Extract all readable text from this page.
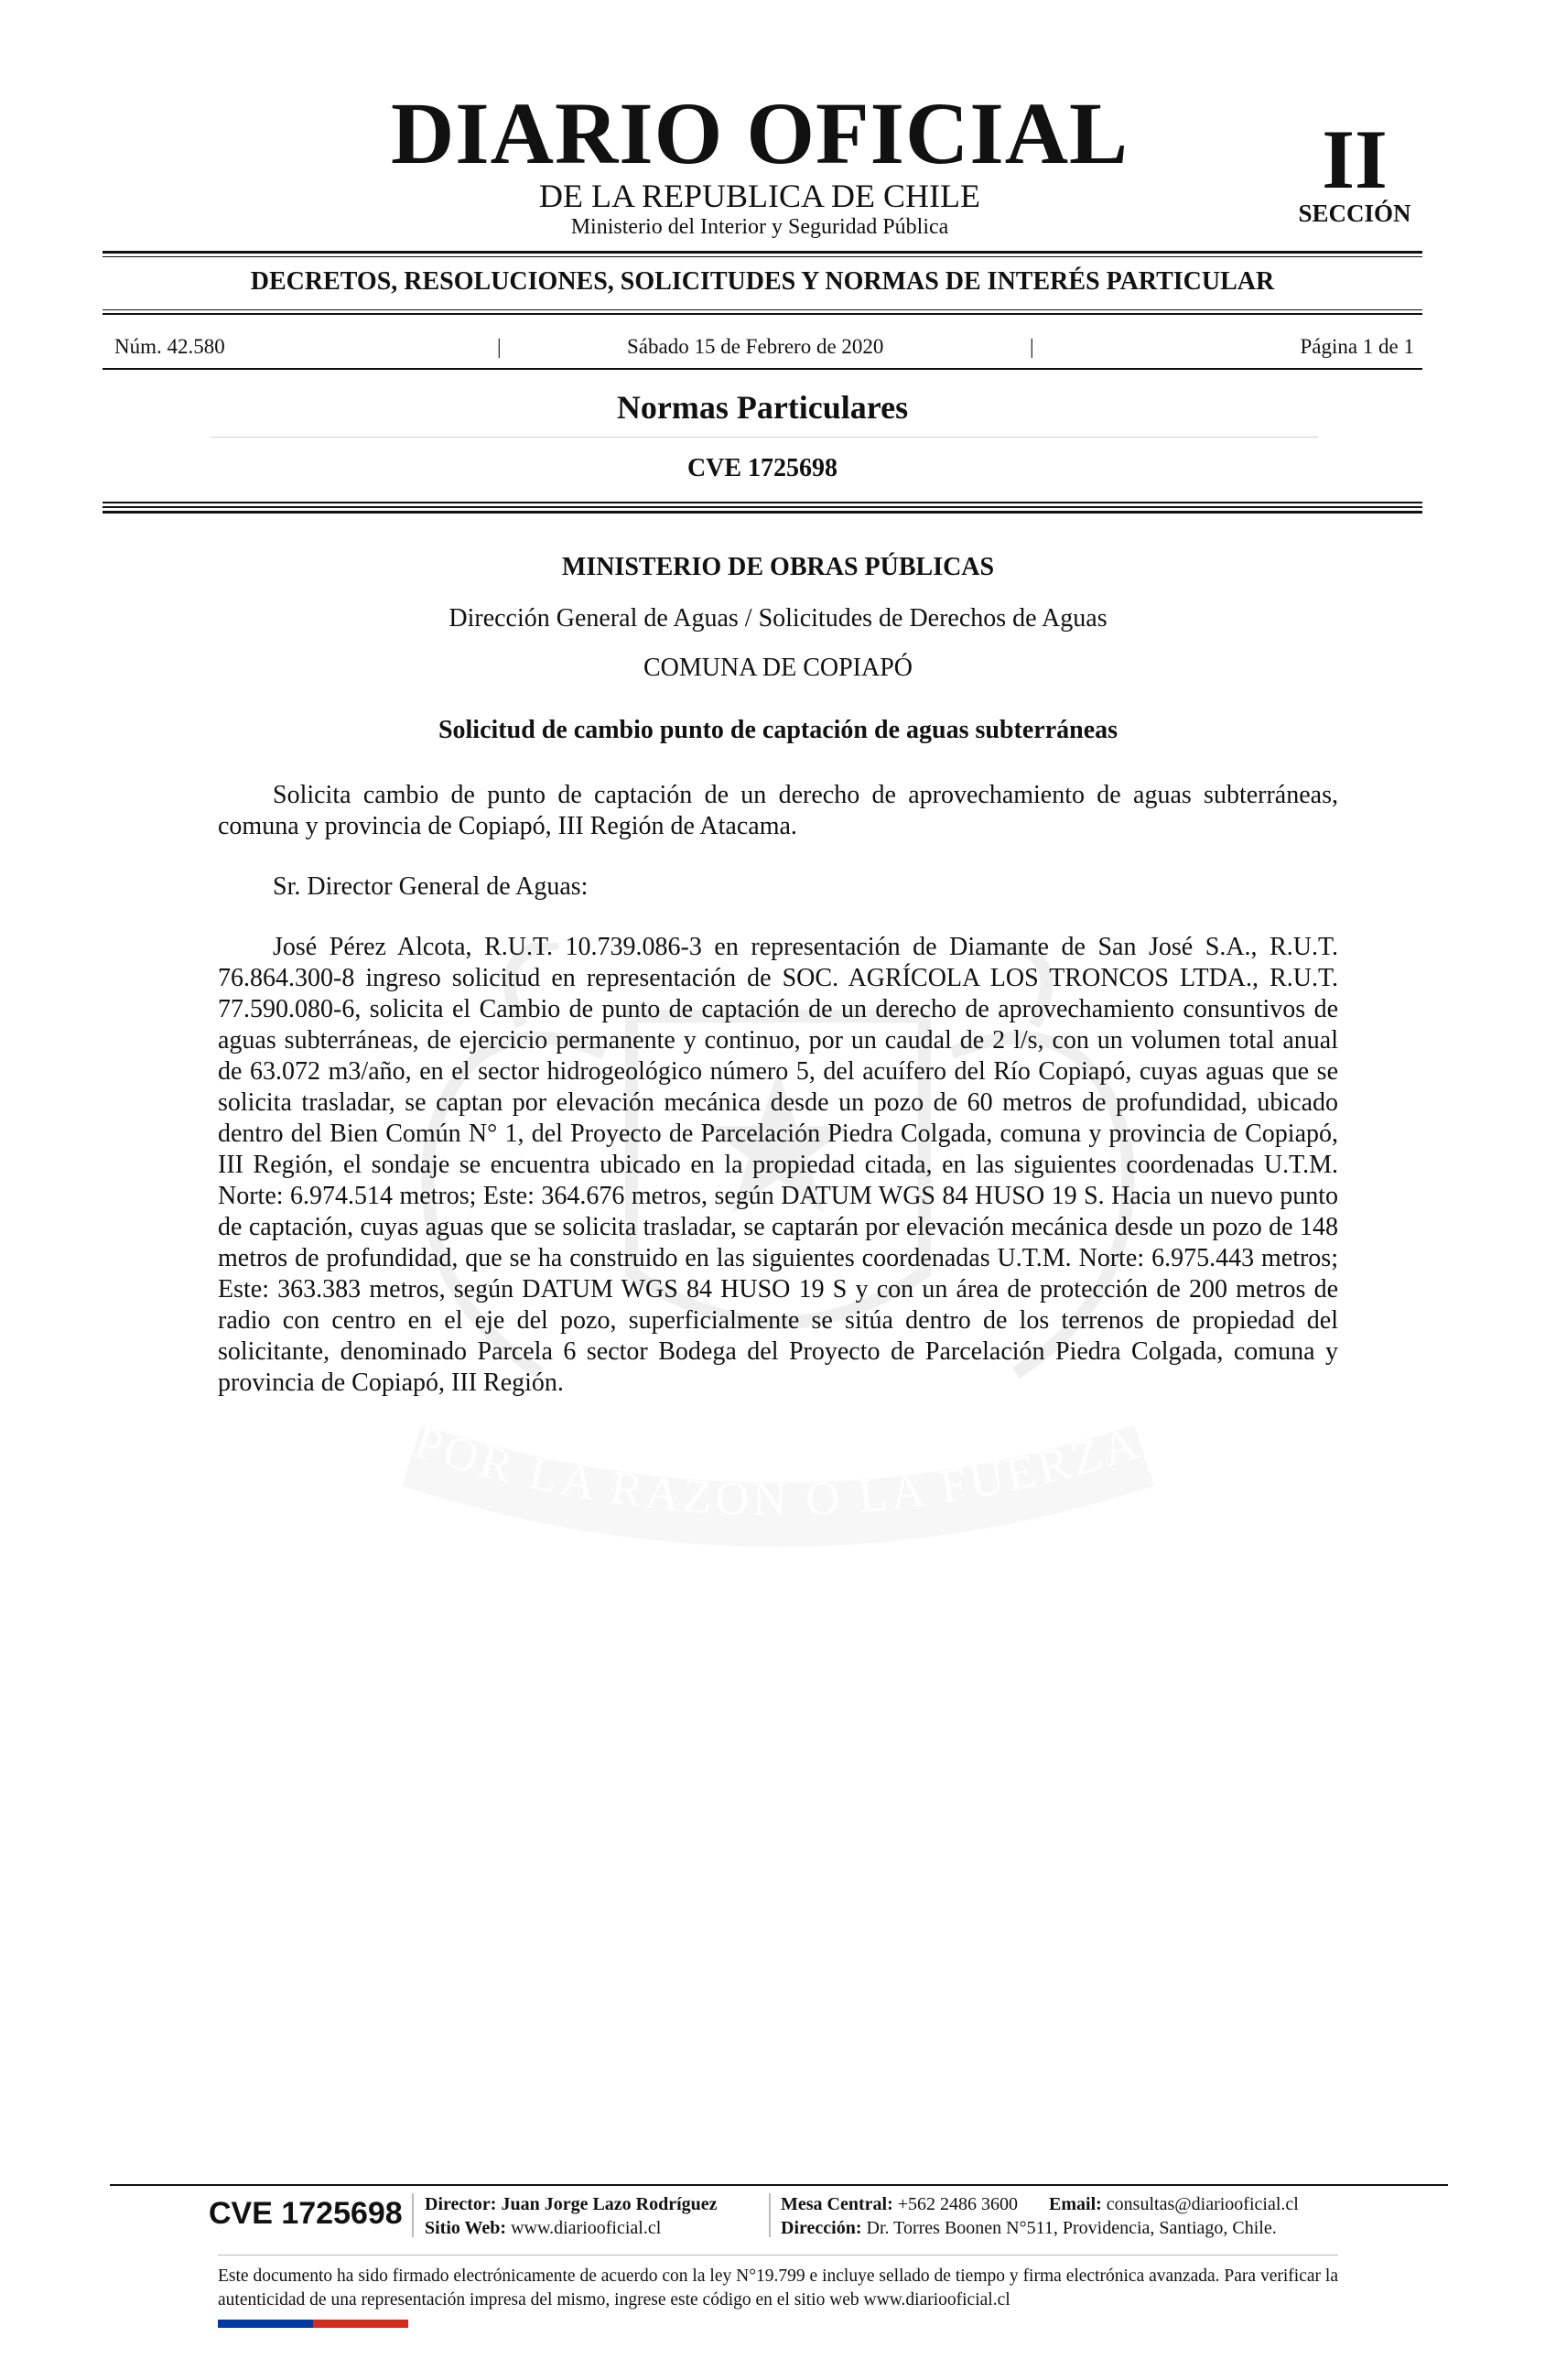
POR LA RAZON O LA FUERZA
DIARIO OFICIAL
DE LA REPUBLICA DE CHILE
Ministerio del Interior y Seguridad Pública
II
SECCIÓN
DECRETOS, RESOLUCIONES, SOLICITUDES Y NORMAS DE INTERÉS PARTICULAR
Núm. 42.580	|	Sábado 15 de Febrero de 2020	|	Página 1 de 1
Normas Particulares
CVE 1725698
MINISTERIO DE OBRAS PÚBLICAS
Dirección General de Aguas / Solicitudes de Derechos de Aguas
COMUNA DE COPIAPÓ
Solicitud de cambio punto de captación de aguas subterráneas

Solicita cambio de punto de captación de un derecho de aprovechamiento de aguas subterráneas, comuna y provincia de Copiapó, III Región de Atacama.

Sr. Director General de Aguas:

José Pérez Alcota, R.U.T. 10.739.086-3 en representación de Diamante de San José S.A., R.U.T. 76.864.300-8 ingreso solicitud en representación de SOC. AGRÍCOLA LOS TRONCOS LTDA., R.U.T. 77.590.080-6, solicita el Cambio de punto de captación de un derecho de aprovechamiento consuntivos de aguas subterráneas, de ejercicio permanente y continuo, por un caudal de 2 l/s, con un volumen total anual de 63.072 m3/año, en el sector hidrogeológico número 5, del acuífero del Río Copiapó, cuyas aguas que se solicita trasladar, se captan por elevación mecánica desde un pozo de 60 metros de profundidad, ubicado dentro del Bien Común N° 1, del Proyecto de Parcelación Piedra Colgada, comuna y provincia de Copiapó, III Región, el sondaje se encuentra ubicado en la propiedad citada, en las siguientes coordenadas U.T.M. Norte: 6.974.514 metros; Este: 364.676 metros, según DATUM WGS 84 HUSO 19 S. Hacia un nuevo punto de captación, cuyas aguas que se solicita trasladar, se captarán por elevación mecánica desde un pozo de 148 metros de profundidad, que se ha construido en las siguientes coordenadas U.T.M. Norte: 6.975.443 metros; Este: 363.383 metros, según DATUM WGS 84 HUSO 19 S y con un área de protección de 200 metros de radio con centro en el eje del pozo, superficialmente se sitúa dentro de los terrenos de propiedad del solicitante, denominado Parcela 6 sector Bodega del Proyecto de Parcelación Piedra Colgada, comuna y provincia de Copiapó, III Región.

CVE 1725698 Director: Juan Jorge Lazo Rodríguez
Sitio Web: www.diariooficial.cl
Mesa Central: +562 2486 3600 Email: consultas@diariooficial.cl
Dirección: Dr. Torres Boonen N°511, Providencia, Santiago, Chile.
Este documento ha sido firmado electrónicamente de acuerdo con la ley N°19.799 e incluye sellado de tiempo y firma electrónica avanzada. Para verificar la autenticidad de una representación impresa del mismo, ingrese este código en el sitio web www.diariooficial.cl
